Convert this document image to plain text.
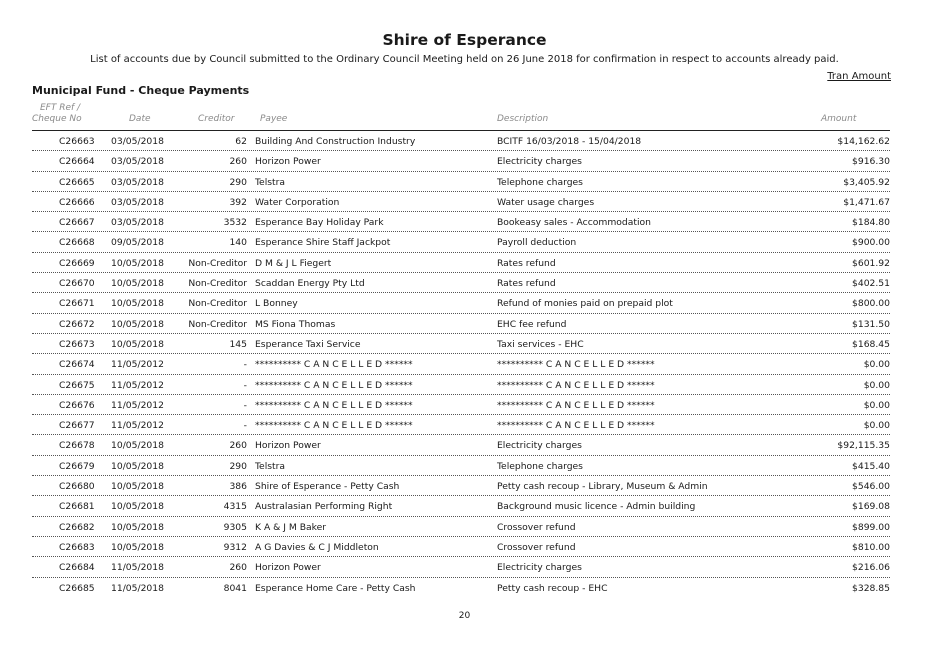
Shire of Esperance
List of accounts due by Council submitted to the Ordinary Council Meeting held on 26 June 2018 for confirmation in respect to accounts already paid.
Tran Amount
Municipal Fund - Cheque Payments
EFT Ref /
Cheque No	Date	Creditor	Payee	Description	Amount
C26663 03/05/2018	62 Building And Construction Industry	BCITF 16/03/2018 - 15/04/2018	$14,162.62
C26664 03/05/2018	260 Horizon Power	Electricity charges	$916.30
C26665 03/05/2018	290 Telstra	Telephone charges	$3,405.92
C26666 03/05/2018	392 Water Corporation	Water usage charges	$1,471.67
C26667 03/05/2018	3532 Esperance Bay Holiday Park	Bookeasy sales - Accommodation	$184.80
C26668 09/05/2018	140 Esperance Shire Staff Jackpot	Payroll deduction	$900.00
C26669 10/05/2018	Non-Creditor D M & J L Fiegert	Rates refund	$601.92
C26670 10/05/2018	Non-Creditor Scaddan Energy Pty Ltd	Rates refund	$402.51
C26671 10/05/2018	Non-Creditor L Bonney	Refund of monies paid on prepaid plot	$800.00
C26672 10/05/2018	Non-Creditor MS Fiona Thomas	EHC fee refund	$131.50
C26673 10/05/2018	145 Esperance Taxi Service	Taxi services - EHC	$168.45
C26674 11/05/2012	- ********** C A N C E L L E D ******	********** C A N C E L L E D ******	$0.00
C26675 11/05/2012	- ********** C A N C E L L E D ******	********** C A N C E L L E D ******	$0.00
C26676 11/05/2012	- ********** C A N C E L L E D ******	********** C A N C E L L E D ******	$0.00
C26677 11/05/2012	- ********** C A N C E L L E D ******	********** C A N C E L L E D ******	$0.00
C26678 10/05/2018	260 Horizon Power	Electricity charges	$92,115.35
C26679 10/05/2018	290 Telstra	Telephone charges	$415.40
C26680 10/05/2018	386 Shire of Esperance - Petty Cash	Petty cash recoup - Library, Museum & Admin	$546.00
C26681 10/05/2018	4315 Australasian Performing Right	Background music licence - Admin building	$169.08
C26682 10/05/2018	9305 K A & J M Baker	Crossover refund	$899.00
C26683 10/05/2018	9312 A G Davies & C J Middleton	Crossover refund	$810.00
C26684 11/05/2018	260 Horizon Power	Electricity charges	$216.06
C26685 11/05/2018	8041 Esperance Home Care - Petty Cash	Petty cash recoup - EHC	$328.85
20
